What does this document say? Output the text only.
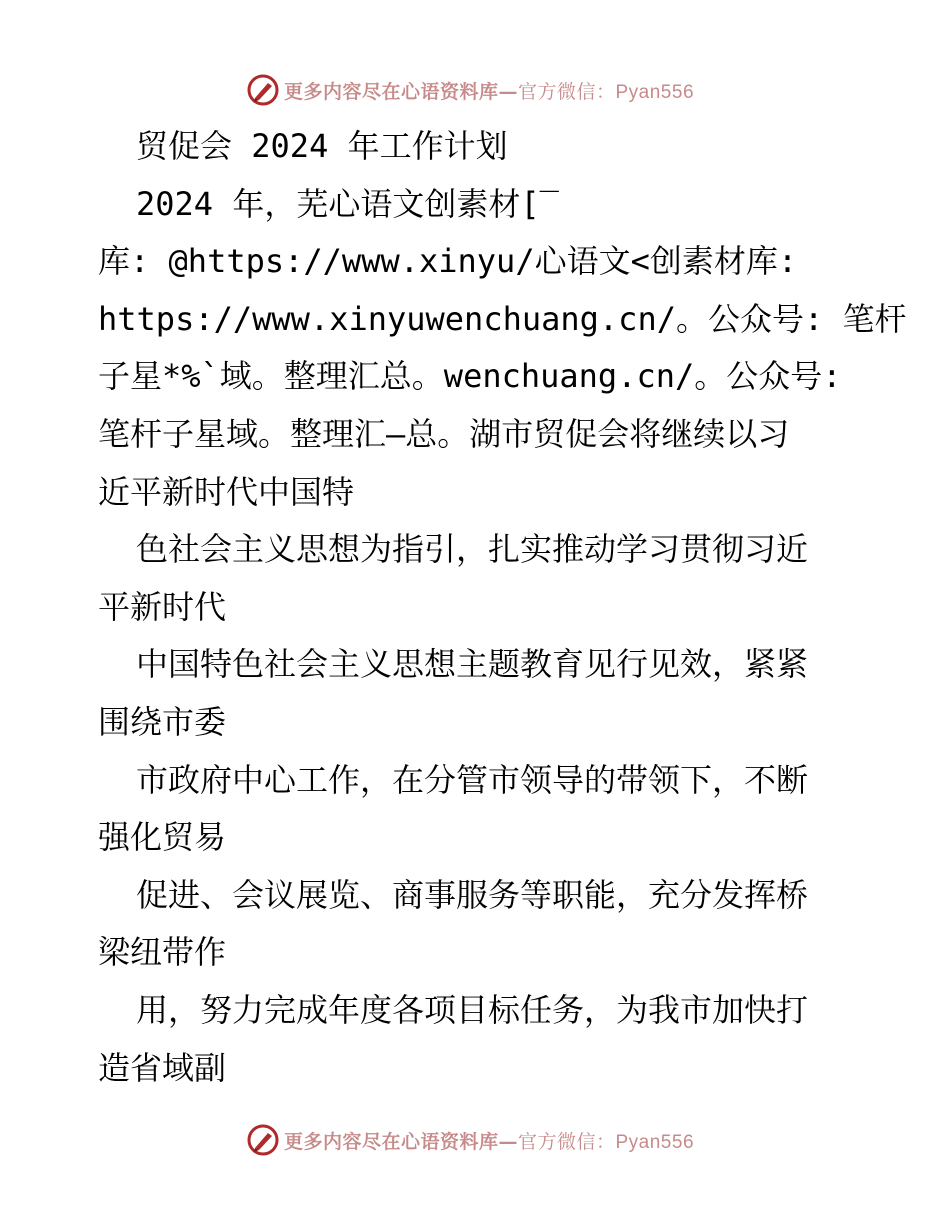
更多内容尽在心语资料库—官方微信：Pyan556
贸促会 2024 年工作计划
2024 年，芜心语文创素材[‾
库: @https://www.xinyu/心语文<创素材库:
https://www.xinyuwenchuang.cn/。公众号: 笔杆
子星*%`域。整理汇总。wenchuang.cn/。公众号:
笔杆子星域。整理汇—总。湖市贸促会将继续以习
近平新时代中国特
色社会主义思想为指引，扎实推动学习贯彻习近
平新时代
中国特色社会主义思想主题教育见行见效，紧紧
围绕市委
市政府中心工作，在分管市领导的带领下，不断
强化贸易
促进、会议展览、商事服务等职能，充分发挥桥
梁纽带作
用，努力完成年度各项目标任务，为我市加快打
造省域副
更多内容尽在心语资料库—官方微信：Pyan556
